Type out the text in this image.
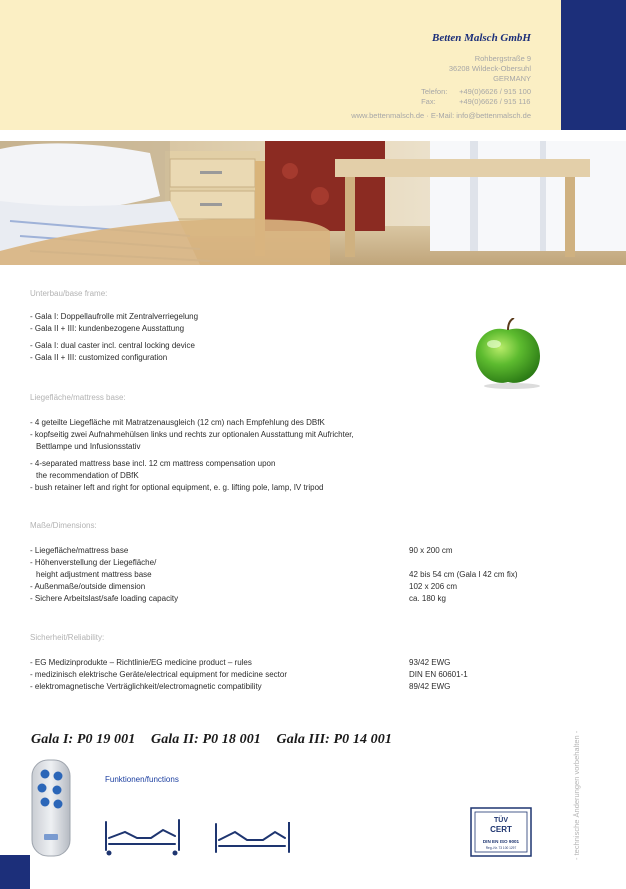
Betten Malsch GmbH
Rohbergstraße 9
36208 Wildeck-Obersuhl
GERMANY
Telefon: +49(0)6626 / 915 100
Fax:	+49(0)6626 / 915 116
www.bettenmalsch.de · E-Mail: info@bettenmalsch.de
Unterbau/base frame:
- Gala I: Doppellaufrolle mit Zentralverriegelung
- Gala II + III: kundenbezogene Ausstattung
- Gala I: dual caster incl. central locking device
- Gala II + III: customized configuration
Liegefläche/mattress base:
- 4 geteilte Liegefläche mit Matratzenausgleich (12 cm) nach Empfehlung des DBfK
- kopfseitig zwei Aufnahmehülsen links und rechts zur optionalen Ausstattung mit Aufrichter,
Bettlampe und Infusionsstativ
- 4-separated mattress base incl. 12 cm mattress compensation upon
the recommendation of DBfK
- bush retainer left and right for optional equipment, e. g. lifting pole, lamp, IV tripod
Maße/Dimensions:
- Liegefläche/mattress base
- Höhenverstellung der Liegefläche/
height adjustment mattress base
- Außenmaße/outside dimension
- Sichere Arbeitslast/safe loading capacity
90 x 200 cm
42 bis 54 cm (Gala I 42 cm fix)
102 x 206 cm
ca. 180 kg
Sicherheit/Reliability:
- EG Medizinprodukte – Richtlinie/EG medicine product – rules
- medizinisch elektrische Geräte/electrical equipment for medicine sector
- elektromagnetische Verträglichkeit/electromagnetic compatibility
93/42 EWG
DIN EN 60601-1
89/42 EWG
Gala I: P0 19 001 Gala II: P0 18 001 Gala III: P0 14 001	- technische Änderungen vorbehalten -
Funktionen/functions
TÜV
CERT
DIN EN ISO 9001
Reg.-Nr. 73 100 1297
